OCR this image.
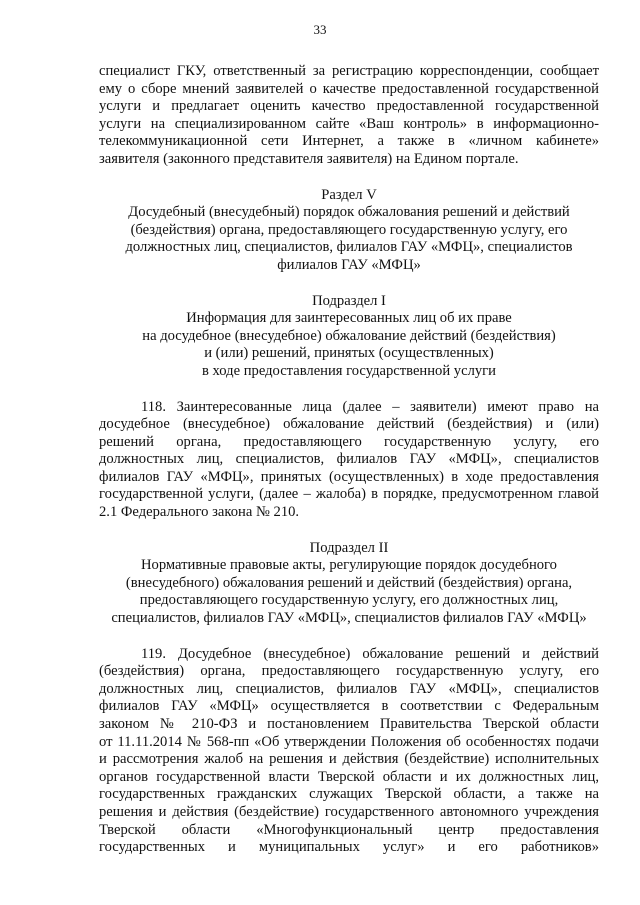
33
специалист ГКУ, ответственный за регистрацию корреспонденции, сообщает
ему о сборе мнений заявителей о качестве предоставленной государственной
услуги и предлагает оценить качество предоставленной государственной
услуги на специализированном сайте «Ваш контроль» в информационно-
телекоммуникационной сети Интернет, а также в «личном кабинете»
заявителя (законного представителя заявителя) на Едином портале.
Раздел V
Досудебный (внесудебный) порядок обжалования решений и действий
(бездействия) органа, предоставляющего государственную услугу, его
должностных лиц, специалистов, филиалов ГАУ «МФЦ», специалистов
филиалов ГАУ «МФЦ»
Подраздел I
Информация для заинтересованных лиц об их праве
на досудебное (внесудебное) обжалование действий (бездействия)
и (или) решений, принятых (осуществленных)
в ходе предоставления государственной услуги
118. Заинтересованные лица (далее – заявители) имеют право на
досудебное (внесудебное) обжалование действий (бездействия) и (или)
решений органа, предоставляющего государственную услугу, его
должностных лиц, специалистов, филиалов ГАУ «МФЦ», специалистов
филиалов ГАУ «МФЦ», принятых (осуществленных) в ходе предоставления
государственной услуги, (далее – жалоба) в порядке, предусмотренном главой
2.1 Федерального закона № 210.
Подраздел II
Нормативные правовые акты, регулирующие порядок досудебного
(внесудебного) обжалования решений и действий (бездействия) органа,
предоставляющего государственную услугу, его должностных лиц,
специалистов, филиалов ГАУ «МФЦ», специалистов филиалов ГАУ «МФЦ»
119. Досудебное (внесудебное) обжалование решений и действий
(бездействия) органа, предоставляющего государственную услугу, его
должностных лиц, специалистов, филиалов ГАУ «МФЦ», специалистов
филиалов ГАУ «МФЦ» осуществляется в соответствии с Федеральным
законом № 210-ФЗ и постановлением Правительства Тверской области
от 11.11.2014 № 568-пп «Об утверждении Положения об особенностях подачи
и рассмотрения жалоб на решения и действия (бездействие) исполнительных
органов государственной власти Тверской области и их должностных лиц,
государственных гражданских служащих Тверской области, а также на
решения и действия (бездействие) государственного автономного учреждения
Тверской области «Многофункциональный центр предоставления
государственных и муниципальных услуг» и его работников»
